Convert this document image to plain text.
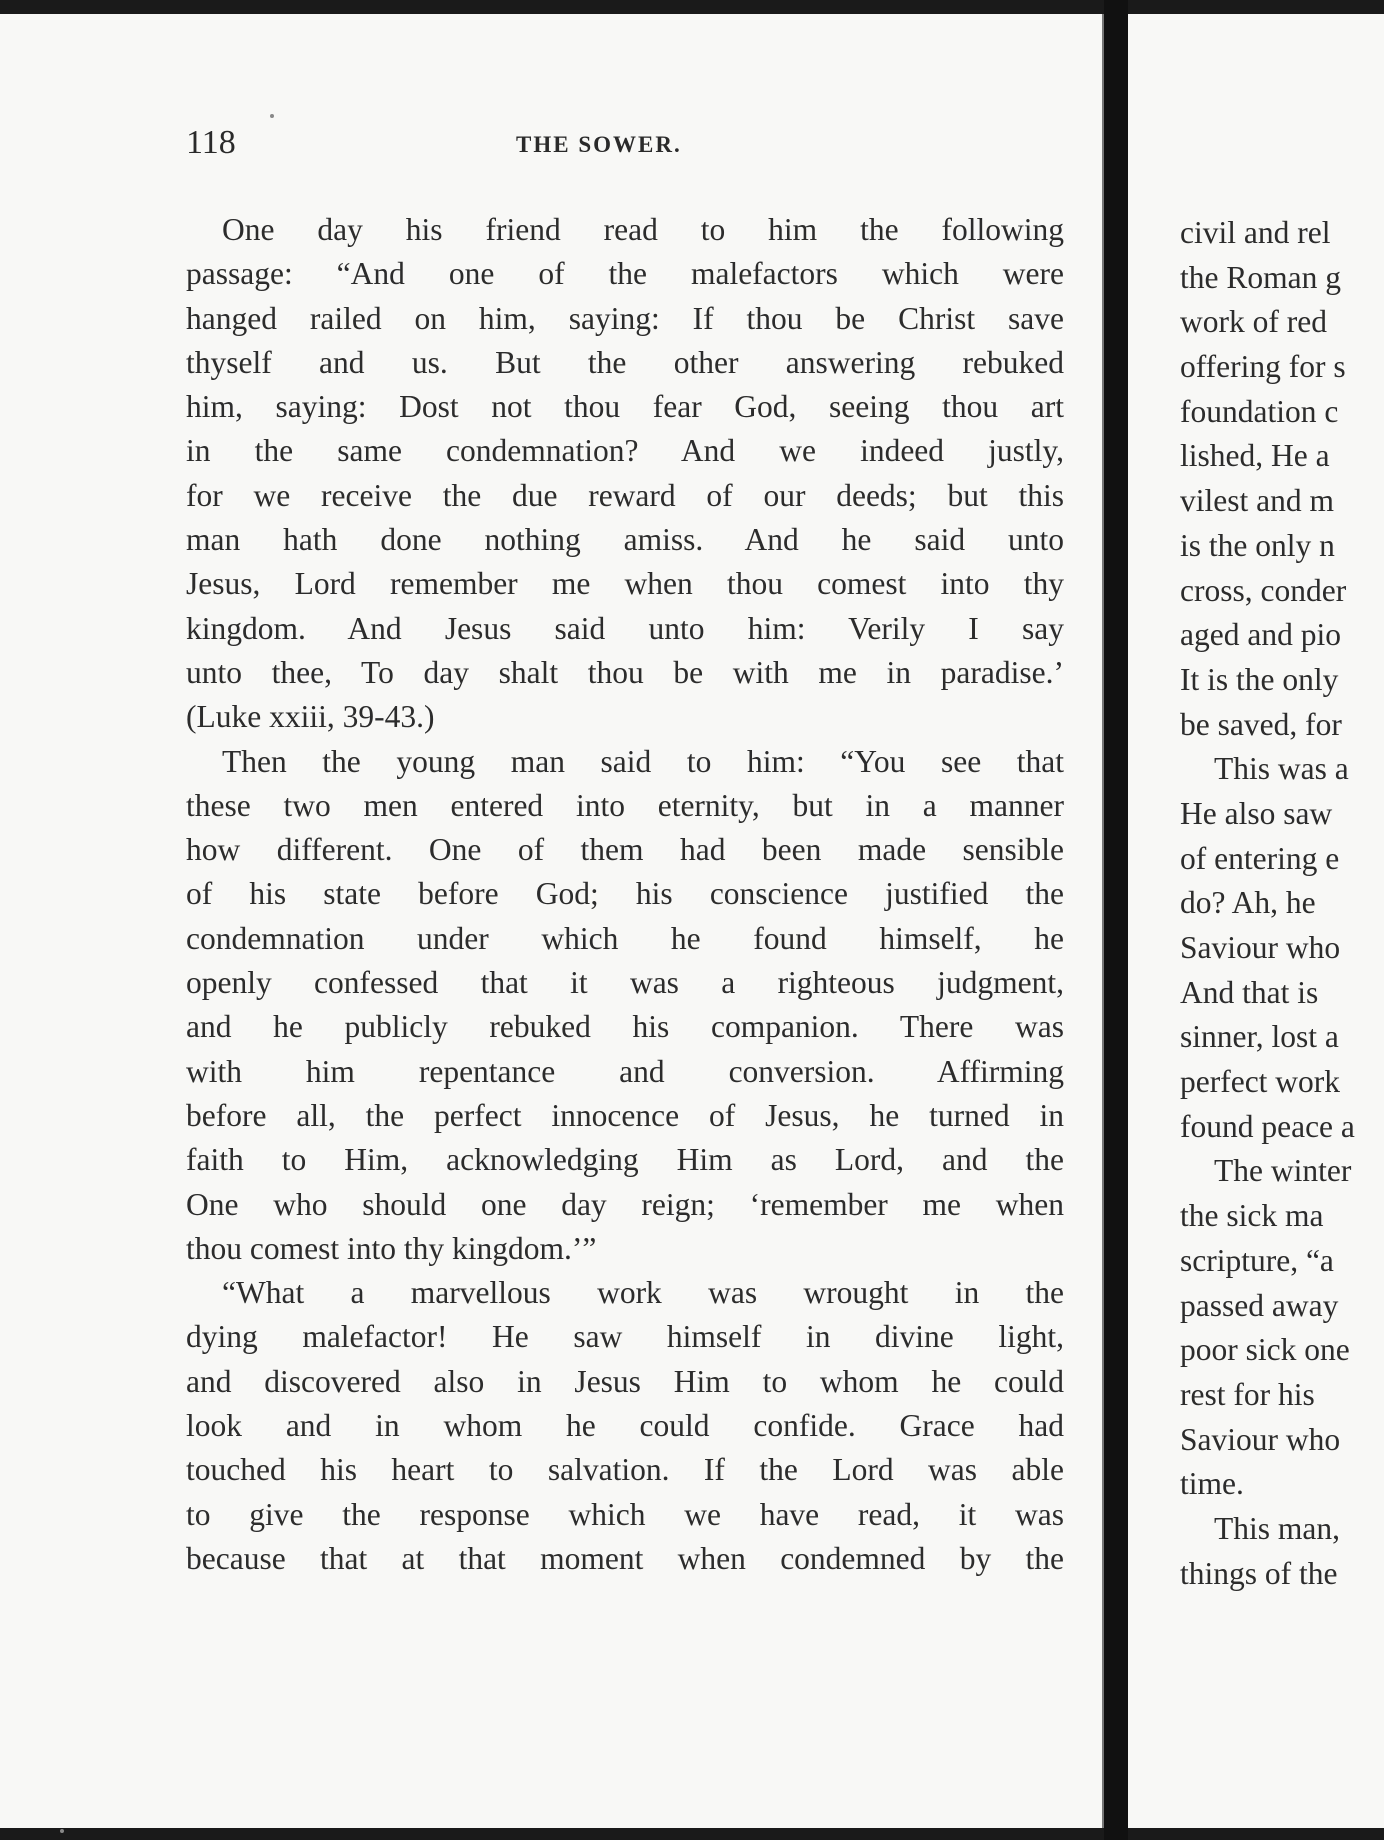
118	THE SOWER.
One day his friend read to him the following
passage: “And one of the malefactors which were
hanged railed on him, saying: If thou be Christ save
thyself and us. But the other answering rebuked
him, saying: Dost not thou fear God, seeing thou art
in the same condemnation? And we indeed justly,
for we receive the due reward of our deeds; but this
man hath done nothing amiss. And he said unto
Jesus, Lord remember me when thou comest into thy
kingdom. And Jesus said unto him: Verily I say
unto thee, To day shalt thou be with me in paradise.’
(Luke xxiii, 39-43.)
Then the young man said to him: “You see that
these two men entered into eternity, but in a manner
how different. One of them had been made sensible
of his state before God; his conscience justified the
condemnation under which he found himself, he
openly confessed that it was a righteous judgment,
and he publicly rebuked his companion. There was
with him repentance and conversion. Affirming
before all, the perfect innocence of Jesus, he turned in
faith to Him, acknowledging Him as Lord, and the
One who should one day reign; ‘remember me when
thou comest into thy kingdom.’”
“What a marvellous work was wrought in the
dying malefactor! He saw himself in divine light,
and discovered also in Jesus Him to whom he could
look and in whom he could confide. Grace had
touched his heart to salvation. If the Lord was able
to give the response which we have read, it was
because that at that moment when condemned by the
civil and rel
the Roman g
work of red
offering for s
foundation c
lished, He a
vilest and m
is the only n
cross, conder
aged and pio
It is the only
be saved, for
This was a
He also saw
of entering e
do? Ah, he
Saviour who
And that is
sinner, lost a
perfect work
found peace a
The winter
the sick ma
scripture, “a
passed away
poor sick one
rest for his
Saviour who
time.
This man,
things of the
